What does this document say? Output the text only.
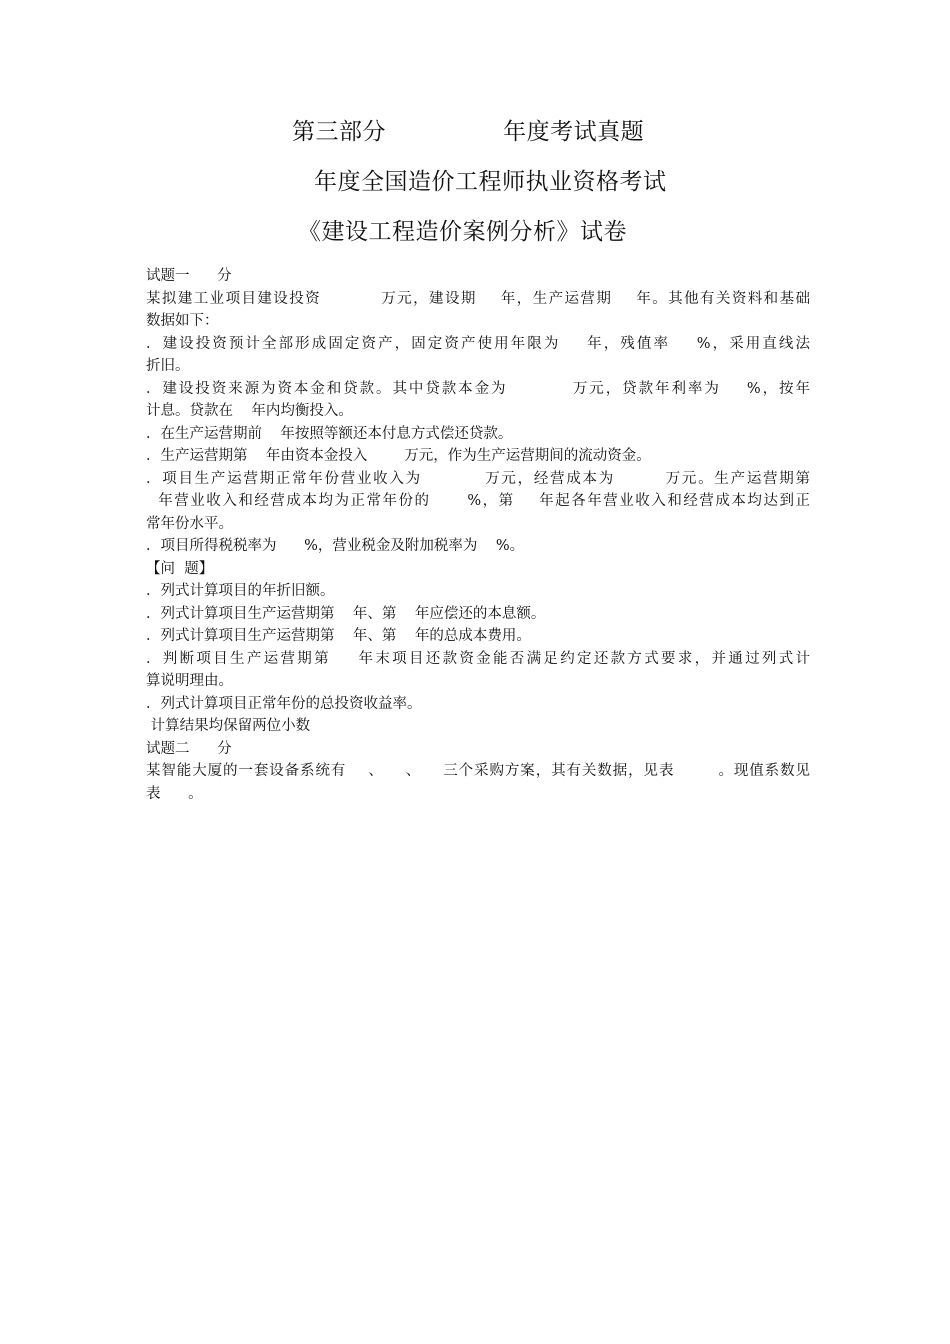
第三部分               年度考试真题
年度全国造价工程师执业资格考试
《建设工程造价案例分析》试卷
试题一      分
某拟建工业项目建设投资          万元，建设期    年，生产运营期    年。其他有关资料和基础
数据如下：
．建设投资预计全部形成固定资产，固定资产使用年限为    年，残值率    %，采用直线法
折旧。
．建设投资来源为资本金和贷款。其中贷款本金为          万元，贷款年利率为    %，按年
计息。贷款在    年内均衡投入。
．在生产运营期前    年按照等额还本付息方式偿还贷款。
．生产运营期第    年由资本金投入        万元，作为生产运营期间的流动资金。
．项目生产运营期正常年份营业收入为          万元，经营成本为        万元。生产运营期第
年营业收入和经营成本均为正常年份的      %，第    年起各年营业收入和经营成本均达到正
常年份水平。
．项目所得税税率为      %，营业税金及附加税率为    %。
【问  题】
．列式计算项目的年折旧额。
．列式计算项目生产运营期第    年、第    年应偿还的本息额。
．列式计算项目生产运营期第    年、第    年的总成本费用。
．判断项目生产运营期第    年末项目还款资金能否满足约定还款方式要求，并通过列式计
算说明理由。
．列式计算项目正常年份的总投资收益率。
计算结果均保留两位小数
试题二      分
某智能大厦的一套设备系统有    、    、    三个采购方案，其有关数据，见表        。现值系数见
表      。
